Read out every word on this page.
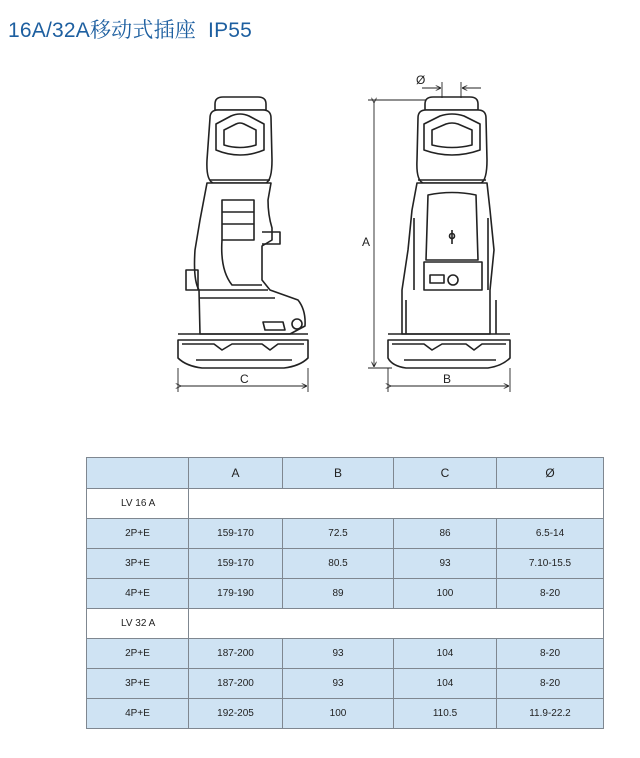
16A/32A移动式插座  IP55
C
Ø
A
B
	A	B	C	Ø
LV 16 A				
2P+E	159-170	72.5	86	6.5-14
3P+E	159-170	80.5	93	7.10-15.5
4P+E	179-190	89	100	8-20
LV 32 A				
2P+E	187-200	93	104	8-20
3P+E	187-200	93	104	8-20
4P+E	192-205	100	110.5	11.9-22.2
